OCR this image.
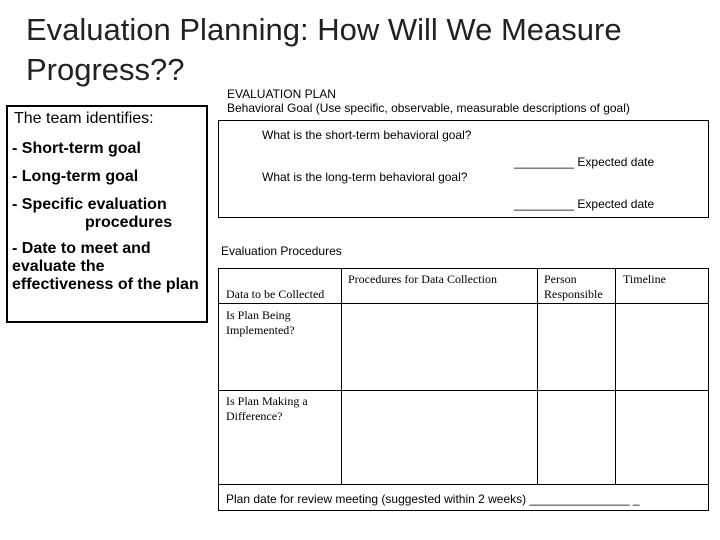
Evaluation Planning: How Will We Measure Progress??
The team identifies:
- Short-term goal
- Long-term goal
- Specific evaluation
procedures
- Date to meet and evaluate the effectiveness of the plan
EVALUATION PLAN
Behavioral Goal (Use specific, observable, measurable descriptions of goal)
What is the short-term behavioral goal?
_________ Expected date
What is the long-term behavioral goal?
_________ Expected date
Evaluation Procedures
Data to be Collected
Procedures for Data Collection	Person Responsible
Timeline
Is Plan Being Implemented?
Is Plan Making a Difference?
Plan date for review meeting (suggested within 2 weeks) _______________ _
